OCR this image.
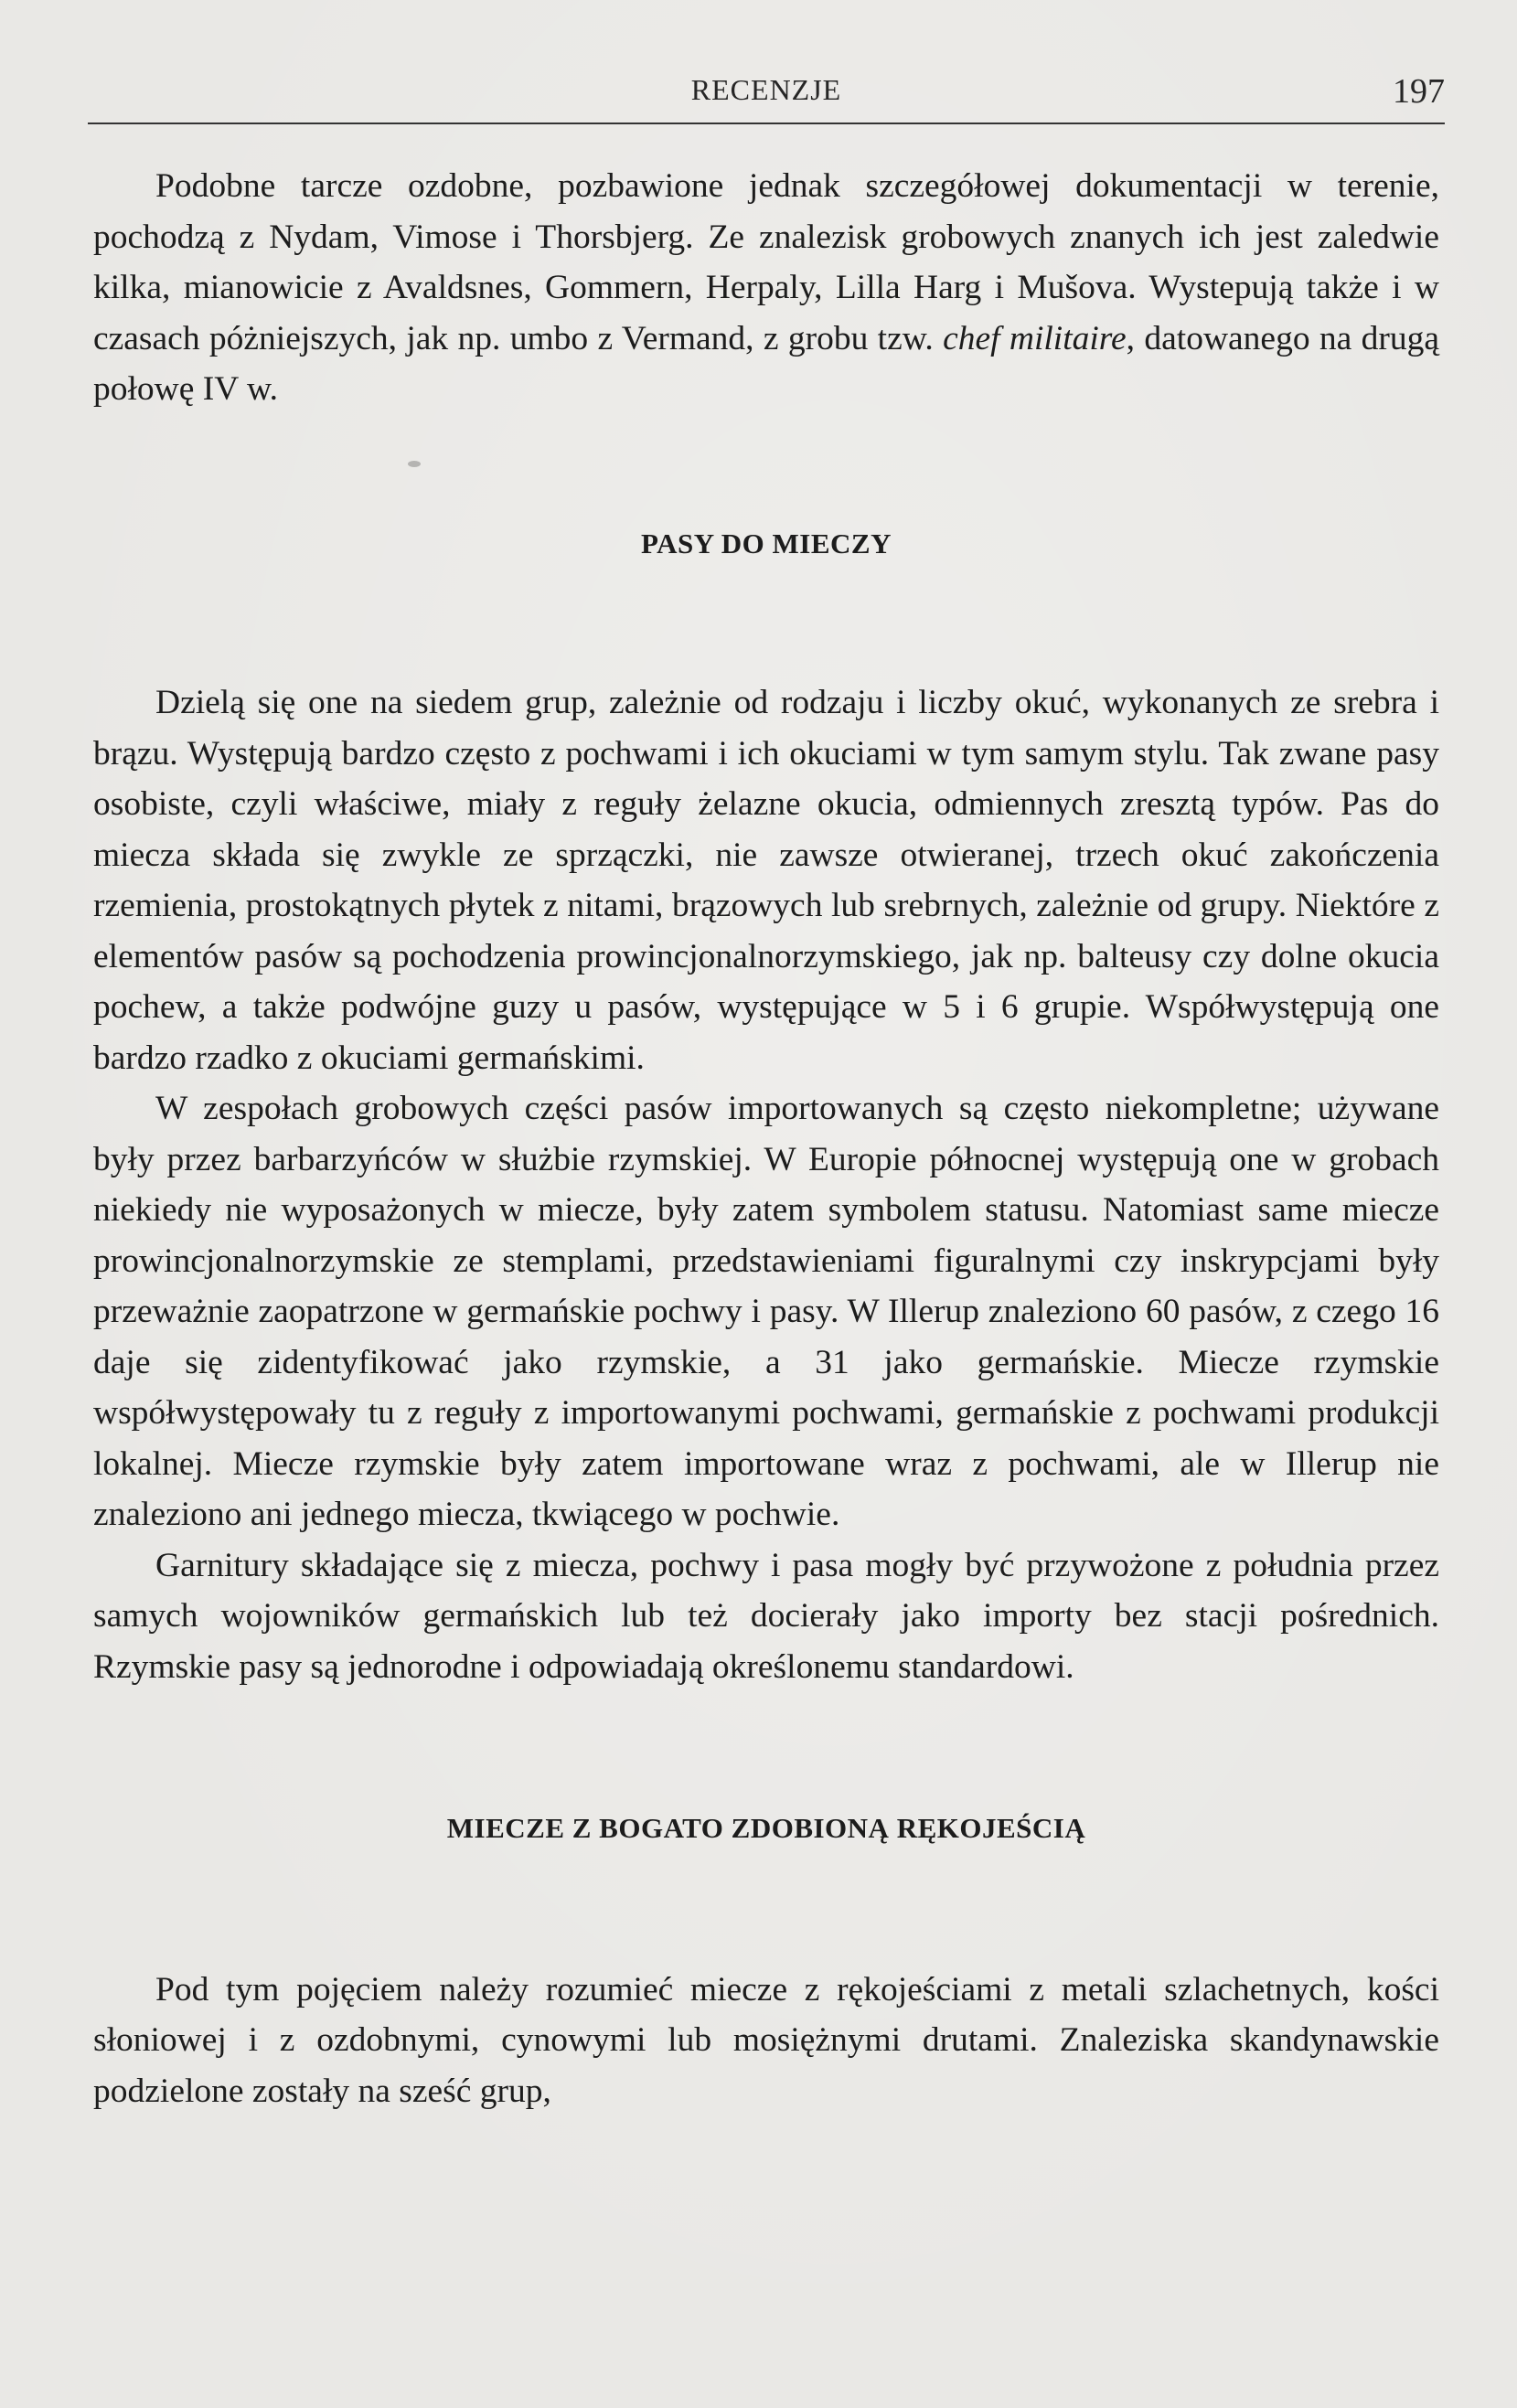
RECENZJE	197

Podobne tarcze ozdobne, pozbawione jednak szczegółowej dokumentacji w terenie, pochodzą z Nydam, Vimose i Thorsbjerg. Ze znalezisk grobowych znanych ich jest zaledwie kilka, mianowicie z Avaldsnes, Gommern, Herpaly, Lilla Harg i Mušova. Wystepują także i w czasach póżniejszych, jak np. umbo z Vermand, z grobu tzw. chef militaire, datowanego na drugą połowę IV w.

PASY DO MIECZY

Dzielą się one na siedem grup, zależnie od rodzaju i liczby okuć, wykonanych ze srebra i brązu. Występują bardzo często z pochwami i ich okuciami w tym samym stylu. Tak zwane pasy osobiste, czyli właściwe, miały z reguły żelazne okucia, odmiennych zresztą typów. Pas do miecza składa się zwykle ze sprzączki, nie zawsze otwieranej, trzech okuć zakończenia rzemienia, prostokątnych płytek z nitami, brązowych lub srebrnych, zależnie od grupy. Niektóre z elementów pasów są pochodzenia prowincjonalnorzymskiego, jak np. balteusy czy dolne okucia pochew, a także podwójne guzy u pasów, występujące w 5 i 6 grupie. Współwystępują one bardzo rzadko z okuciami germańskimi.

W zespołach grobowych części pasów importowanych są często niekompletne; używane były przez barbarzyńców w służbie rzymskiej. W Europie północnej występują one w grobach niekiedy nie wyposażonych w miecze, były zatem symbolem statusu. Natomiast same miecze prowincjonalnorzymskie ze stemplami, przedstawieniami figuralnymi czy inskrypcjami były przeważnie zaopatrzone w germańskie pochwy i pasy. W Illerup znaleziono 60 pasów, z czego 16 daje się zidentyfikować jako rzymskie, a 31 jako germańskie. Miecze rzymskie współwystępowały tu z reguły z importowanymi pochwami, germańskie z pochwami produkcji lokalnej. Miecze rzymskie były zatem importowane wraz z pochwami, ale w Illerup nie znaleziono ani jednego miecza, tkwiącego w pochwie.

Garnitury składające się z miecza, pochwy i pasa mogły być przywożone z południa przez samych wojowników germańskich lub też docierały jako importy bez stacji pośrednich. Rzymskie pasy są jednorodne i odpowiadają określonemu standardowi.

MIECZE Z BOGATO ZDOBIONĄ RĘKOJEŚCIĄ

Pod tym pojęciem należy rozumieć miecze z rękojeściami z metali szlachetnych, kości słoniowej i z ozdobnymi, cynowymi lub mosiężnymi drutami. Znaleziska skandynawskie podzielone zostały na sześć grup,
